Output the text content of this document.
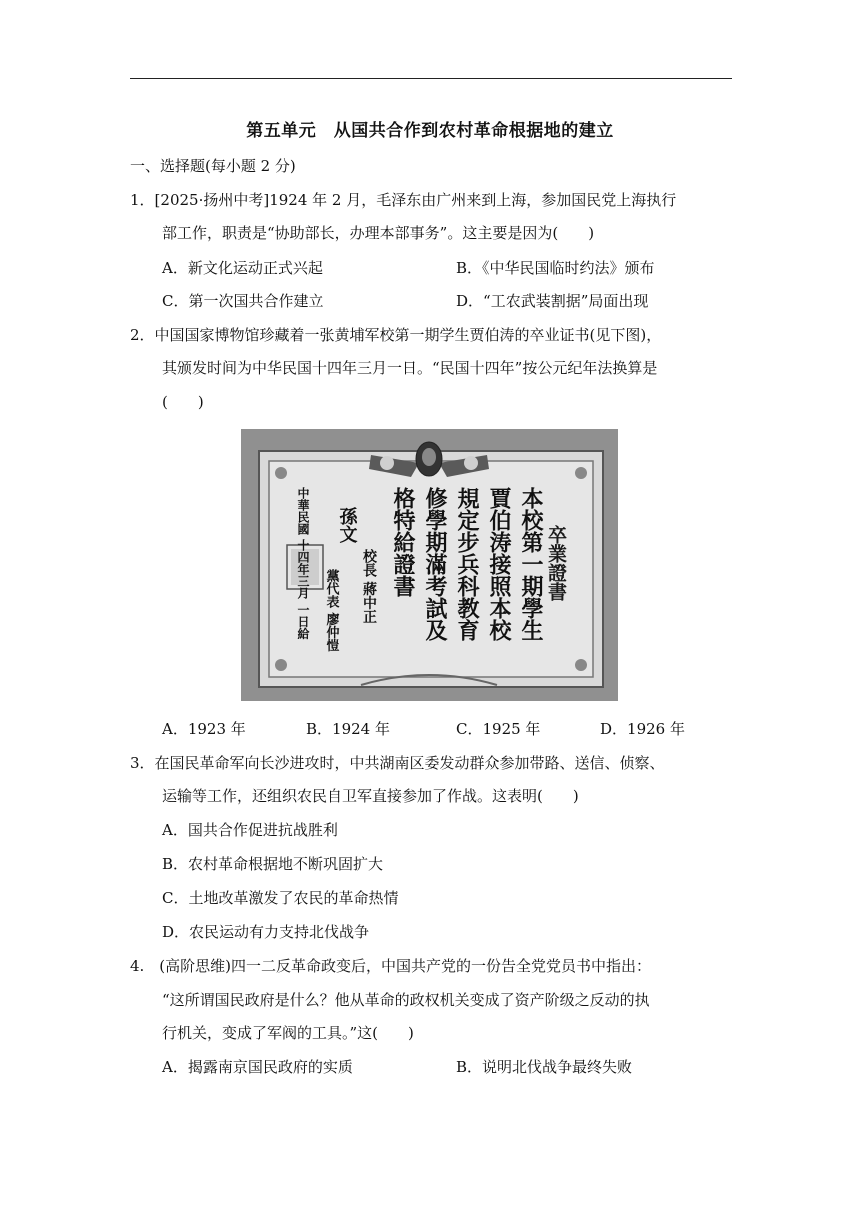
第五单元　从国共合作到农村革命根据地的建立
一、选择题(每小题 2 分)
1．[2025·扬州中考]1924 年 2 月，毛泽东由广州来到上海，参加国民党上海执行
部工作，职责是“协助部长，办理本部事务”。这主要是因为(　　)
A．新文化运动正式兴起	B．《中华民国临时约法》颁布
C．第一次国共合作建立	D．“工农武装割据”局面出现
2．中国国家博物馆珍藏着一张黄埔军校第一期学生贾伯涛的卒业证书(见下图)，
其颁发时间为中华民国十四年三月一日。“民国十四年”按公元纪年法换算是
(　　)
卒業證書
本校第一期學生
賈伯涛接照本校
規定步兵科教育
修學期滿考試及
格特給證書
校長 蔣中正
孫文
黨代表 廖仲愷
中華民國 十四年三月 一日給
A．1923 年	B．1924 年	C．1925 年	D．1926 年
3．在国民革命军向长沙进攻时，中共湖南区委发动群众参加带路、送信、侦察、
运输等工作，还组织农民自卫军直接参加了作战。这表明(　　)
A．国共合作促进抗战胜利
B．农村革命根据地不断巩固扩大
C．土地改革激发了农民的革命热情
D．农民运动有力支持北伐战争
4.　(高阶思维)四一二反革命政变后，中国共产党的一份告全党党员书中指出：
“这所谓国民政府是什么？他从革命的政权机关变成了资产阶级之反动的执
行机关，变成了军阀的工具。”这(　　)
A．揭露南京国民政府的实质	B．说明北伐战争最终失败
